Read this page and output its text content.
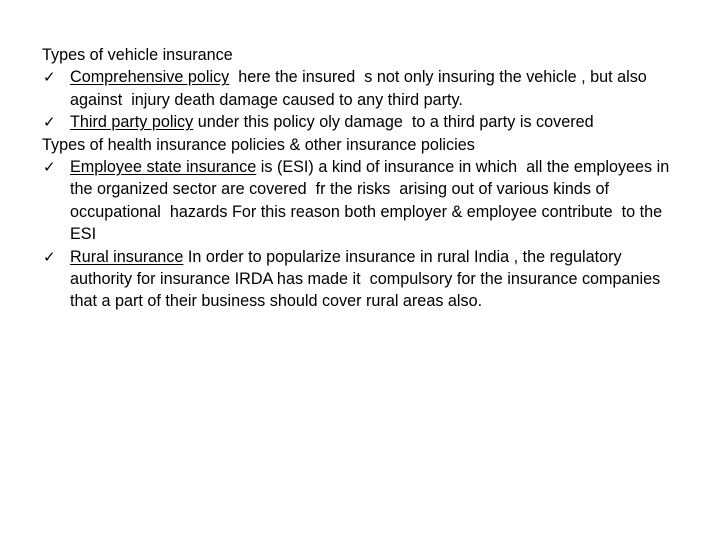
Types of vehicle insurance

✓ Comprehensive policy  here the insured  s not only insuring the vehicle , but also against  injury death damage caused to any third party.

✓ Third party policy under this policy oly damage  to a third party is covered

Types of health insurance policies & other insurance policies

✓ Employee state insurance is (ESI) a kind of insurance in which  all the employees in the organized sector are covered  fr the risks  arising out of various kinds of occupational  hazards For this reason both employer & employee contribute  to the ESI

✓ Rural insurance In order to popularize insurance in rural India , the regulatory authority for insurance IRDA has made it  compulsory for the insurance companies that a part of their business should cover rural areas also.
